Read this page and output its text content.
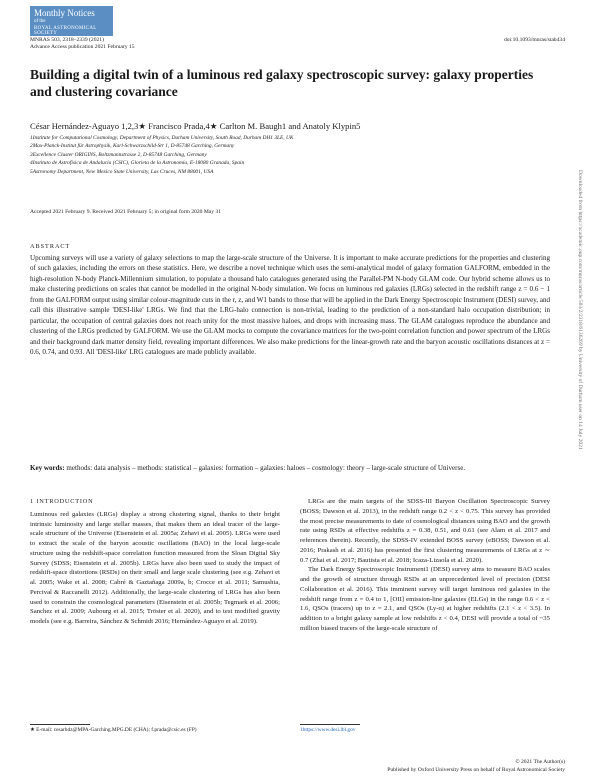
Monthly Notices
of the
ROYAL ASTRONOMICAL SOCIETY
MNRAS 503, 2318–2339 (2021)
Advance Access publication 2021 February 15
doi:10.1093/mnras/stab434
Building a digital twin of a luminous red galaxy spectroscopic survey: galaxy properties and clustering covariance
César Hernández-Aguayo 1,2,3★ Francisco Prada,4★ Carlton M. Baugh1 and Anatoly Klypin5
1Institute for Computational Cosmology, Department of Physics, Durham University, South Road, Durham DH1 3LE, UK
2Max-Planck-Institut für Astrophysik, Karl-Schwarzschild-Str 1, D-85748 Garching, Germany
3Excellence Cluster ORIGINS, Boltzmannstrasse 2, D-85748 Garching, Germany
4Instituto de Astrofísica de Andalucía (CSIC), Glorieta de la Astronomía, E-18080 Granada, Spain
5Astronomy Department, New Mexico State University, Las Cruces, NM 88001, USA
Accepted 2021 February 9. Received 2021 February 5; in original form 2020 May 31
ABSTRACT
Upcoming surveys will use a variety of galaxy selections to map the large-scale structure of the Universe. It is important to make accurate predictions for the properties and clustering of such galaxies, including the errors on these statistics. Here, we describe a novel technique which uses the semi-analytical model of galaxy formation GALFORM, embedded in the high-resolution N-body Planck-Millennium simulation, to populate a thousand halo catalogues generated using the Parallel-PM N-body GLAM code. Our hybrid scheme allows us to make clustering predictions on scales that cannot be modelled in the original N-body simulation. We focus on luminous red galaxies (LRGs) selected in the redshift range z = 0.6 − 1 from the GALFORM output using similar colour-magnitude cuts in the r, z, and W1 bands to those that will be applied in the Dark Energy Spectroscopic Instrument (DESI) survey, and call this illustrative sample 'DESI-like' LRGs. We find that the LRG-halo connection is non-trivial, leading to the prediction of a non-standard halo occupation distribution; in particular, the occupation of central galaxies does not reach unity for the most massive haloes, and drops with increasing mass. The GLAM catalogues reproduce the abundance and clustering of the LRGs predicted by GALFORM. We use the GLAM mocks to compute the covariance matrices for the two-point correlation function and power spectrum of the LRGs and their background dark matter density field, revealing important differences. We also make predictions for the linear-growth rate and the baryon acoustic oscillations distances at z = 0.6, 0.74, and 0.93. All 'DESI-like' LRG catalogues are made publicly available.
Key words: methods: data analysis – methods: statistical – galaxies: formation – galaxies: haloes – cosmology: theory – large-scale structure of Universe.
1 INTRODUCTION

Luminous red galaxies (LRGs) display a strong clustering signal, thanks to their bright intrinsic luminosity and large stellar masses, that makes them an ideal tracer of the large-scale structure of the Universe (Eisenstein et al. 2005a; Zehavi et al. 2005). LRGs were used to extract the scale of the baryon acoustic oscillations (BAO) in the local large-scale structure using the redshift-space correlation function measured from the Sloan Digital Sky Survey (SDSS; Eisenstein et al. 2005b). LRGs have also been used to study the impact of redshift-space distortions (RSDs) on their small and large scale clustering (see e.g. Zehavi et al. 2005; Wake et al. 2008; Cabré & Gaztañaga 2009a, b; Crocce et al. 2011; Samushia, Percival & Raccanelli 2012). Additionally, the large-scale clustering of LRGs has also been used to constrain the cosmological parameters (Eisenstein et al. 2005b; Tegmark et al. 2006; Sanchez et al. 2009; Aubourg et al. 2015; Tröster et al. 2020), and to test modified gravity models (see e.g. Barreira, Sánchez & Schmidt 2016; Hernández-Aguayo et al. 2019).

LRGs are the main targets of the SDSS-III Baryon Oscillation Spectroscopic Survey (BOSS; Dawson et al. 2013), in the redshift range 0.2 < z < 0.75. This survey has provided the most precise measurements to date of cosmological distances using BAO and the growth rate using RSDs at effective redshifts z = 0.38, 0.51, and 0.61 (see Alam et al. 2017 and references therein). Recently, the SDSS-IV extended BOSS survey (eBOSS; Dawson et al. 2016; Prakash et al. 2016) has presented the first clustering measurements of LRGs at z ∼ 0.7 (Zhai et al. 2017; Bautista et al. 2018; Icaza-Lizaola et al. 2020).

The Dark Energy Spectroscopic Instrument1 (DESI) survey aims to measure BAO scales and the growth of structure through RSDs at an unprecedented level of precision (DESI Collaboration et al. 2016). This imminent survey will target luminous red galaxies in the redshift range from z = 0.4 to 1, [OII] emission-line galaxies (ELGs) in the range 0.6 < z < 1.6, QSOs (tracers) up to z = 2.1, and QSOs (Ly-α) at higher redshifts (2.1 < z < 3.5). In addition to a bright galaxy sample at low redshifts z < 0.4, DESI will provide a total of ~35 million biased tracers of the large-scale structure of

★ E-mail: cesarhdz@MPA-Garching.MPG.DE (CHA); f.prada@csic.es (FP)	1https://www.desi.lbl.gov
© 2021 The Author(s)
Published by Oxford University Press on behalf of Royal Astronomical Society
Downloaded from https://academic.oup.com/mnras/article/503/2/2318/6136269 by University of Durham user on 14 July 2021
